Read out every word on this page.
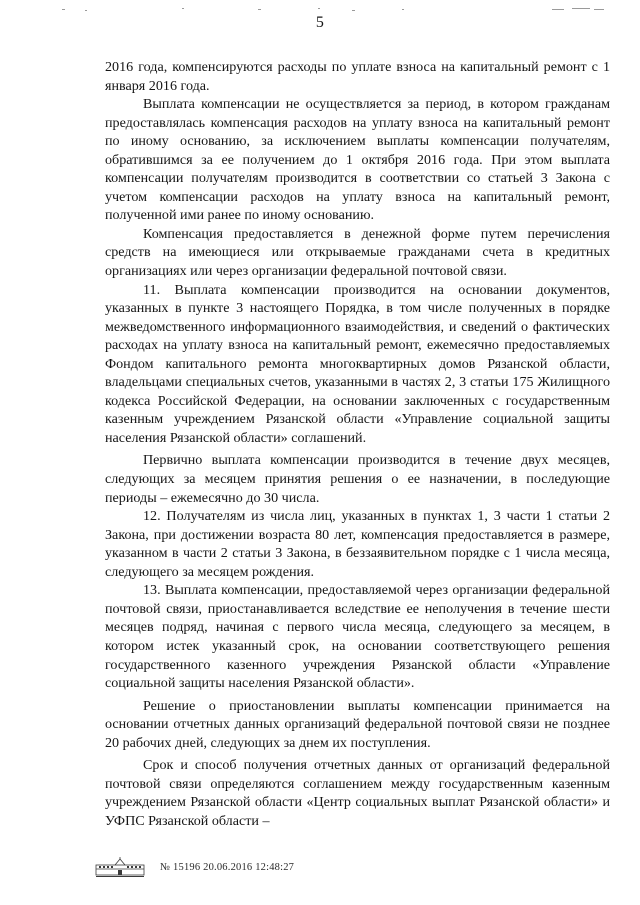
5

2016 года, компенсируются расходы по уплате взноса на капитальный ремонт с 1 января 2016 года.

Выплата компенсации не осуществляется за период, в котором гражданам предоставлялась компенсация расходов на уплату взноса на капитальный ремонт по иному основанию, за исключением выплаты компенсации получателям, обратившимся за ее получением до 1 октября 2016 года. При этом выплата компенсации получателям производится в соответствии со статьей 3 Закона с учетом компенсации расходов на уплату взноса на капитальный ремонт, полученной ими ранее по иному основанию.

Компенсация предоставляется в денежной форме путем перечисления средств на имеющиеся или открываемые гражданами счета в кредитных организациях или через организации федеральной почтовой связи.

11. Выплата компенсации производится на основании документов, указанных в пункте 3 настоящего Порядка, в том числе полученных в порядке межведомственного информационного взаимодействия, и сведений о фактических расходах на уплату взноса на капитальный ремонт, ежемесячно предоставляемых Фондом капитального ремонта многоквартирных домов Рязанской области, владельцами специальных счетов, указанными в частях 2, 3 статьи 175 Жилищного кодекса Российской Федерации, на основании заключенных с государственным казенным учреждением Рязанской области «Управление социальной защиты населения Рязанской области» соглашений.

Первично выплата компенсации производится в течение двух месяцев, следующих за месяцем принятия решения о ее назначении, в последующие периоды – ежемесячно до 30 числа.

12. Получателям из числа лиц, указанных в пунктах 1, 3 части 1 статьи 2 Закона, при достижении возраста 80 лет, компенсация предоставляется в размере, указанном в части 2 статьи 3 Закона, в беззаявительном порядке с 1 числа месяца, следующего за месяцем рождения.

13. Выплата компенсации, предоставляемой через организации федеральной почтовой связи, приостанавливается вследствие ее неполучения в течение шести месяцев подряд, начиная с первого числа месяца, следующего за месяцем, в котором истек указанный срок, на основании соответствующего решения государственного казенного учреждения Рязанской области «Управление социальной защиты населения Рязанской области».

Решение о приостановлении выплаты компенсации принимается на основании отчетных данных организаций федеральной почтовой связи не позднее 20 рабочих дней, следующих за днем их поступления.

Срок и способ получения отчетных данных от организаций федеральной почтовой связи определяются соглашением между государственным казенным учреждением Рязанской области «Центр социальных выплат Рязанской области» и УФПС Рязанской области –

№ 15196 20.06.2016 12:48:27
